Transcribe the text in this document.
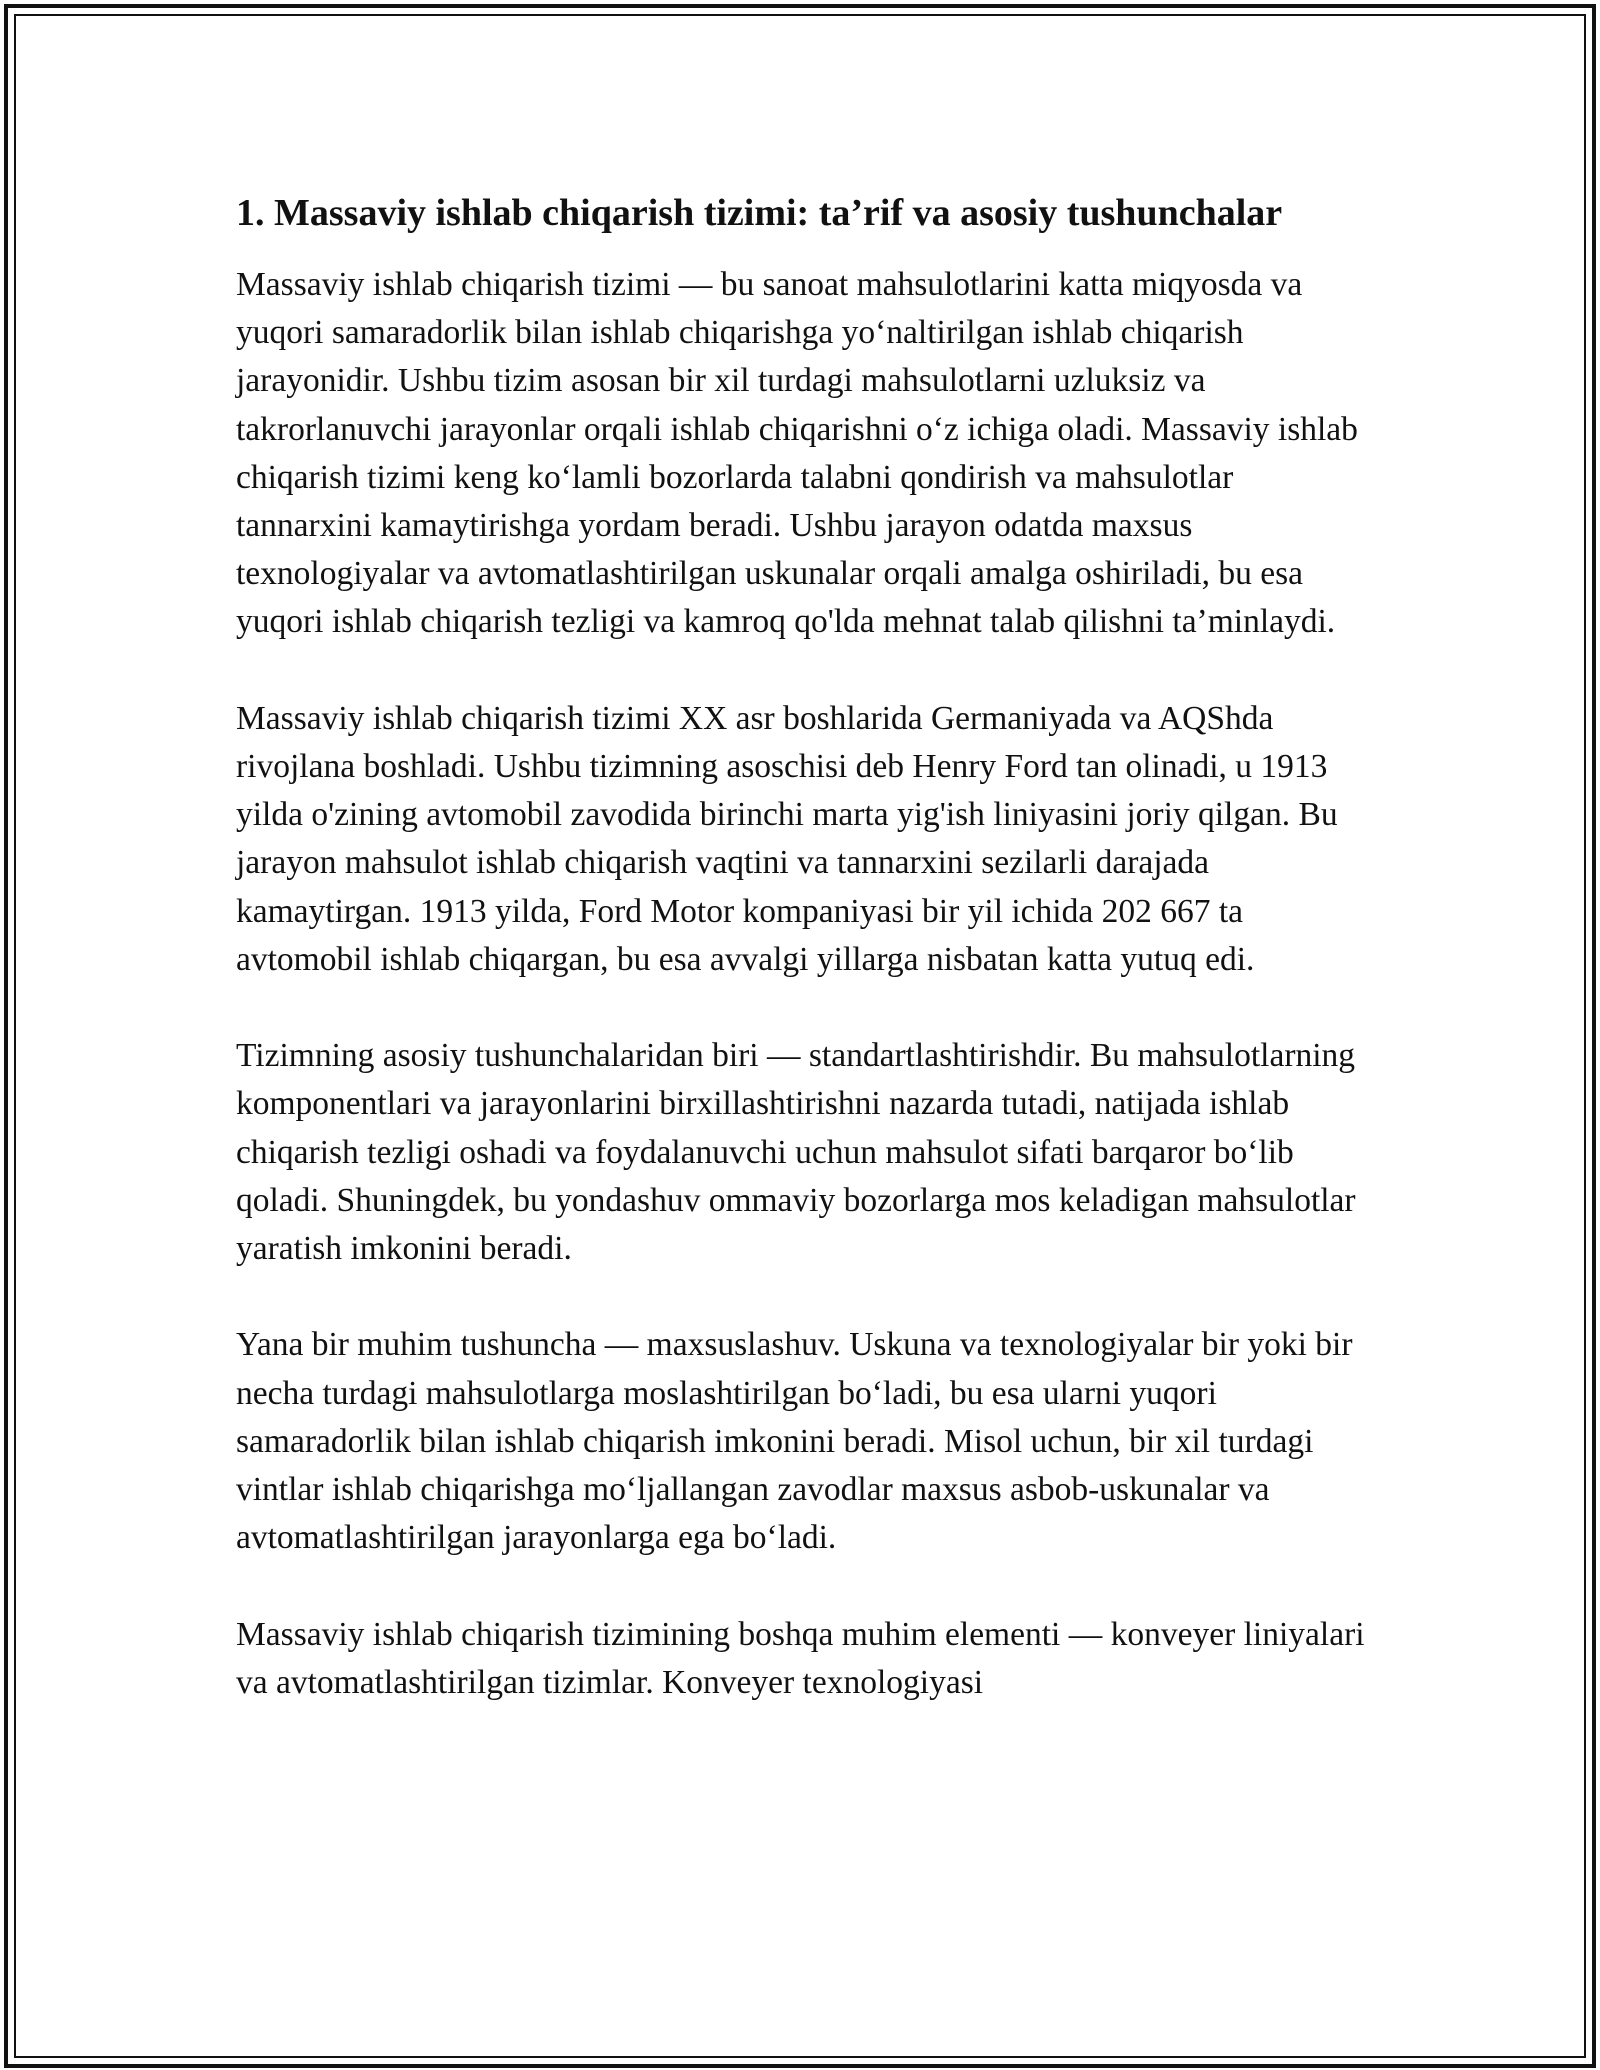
1. Massaviy ishlab chiqarish tizimi: ta’rif va asosiy tushunchalar

Massaviy ishlab chiqarish tizimi — bu sanoat mahsulotlarini katta miqyosda va yuqori samaradorlik bilan ishlab chiqarishga yo‘naltirilgan ishlab chiqarish jarayonidir. Ushbu tizim asosan bir xil turdagi mahsulotlarni uzluksiz va takrorlanuvchi jarayonlar orqali ishlab chiqarishni o‘z ichiga oladi. Massaviy ishlab chiqarish tizimi keng ko‘lamli bozorlarda talabni qondirish va mahsulotlar tannarxini kamaytirishga yordam beradi. Ushbu jarayon odatda maxsus texnologiyalar va avtomatlashtirilgan uskunalar orqali amalga oshiriladi, bu esa yuqori ishlab chiqarish tezligi va kamroq qo'lda mehnat talab qilishni ta’minlaydi.

Massaviy ishlab chiqarish tizimi XX asr boshlarida Germaniyada va AQShda rivojlana boshladi. Ushbu tizimning asoschisi deb Henry Ford tan olinadi, u 1913 yilda o'zining avtomobil zavodida birinchi marta yig'ish liniyasini joriy qilgan. Bu jarayon mahsulot ishlab chiqarish vaqtini va tannarxini sezilarli darajada kamaytirgan. 1913 yilda, Ford Motor kompaniyasi bir yil ichida 202 667 ta avtomobil ishlab chiqargan, bu esa avvalgi yillarga nisbatan katta yutuq edi.

Tizimning asosiy tushunchalaridan biri — standartlashtirishdir. Bu mahsulotlarning komponentlari va jarayonlarini birxillashtirishni nazarda tutadi, natijada ishlab chiqarish tezligi oshadi va foydalanuvchi uchun mahsulot sifati barqaror bo‘lib qoladi. Shuningdek, bu yondashuv ommaviy bozorlarga mos keladigan mahsulotlar yaratish imkonini beradi.

Yana bir muhim tushuncha — maxsuslashuv. Uskuna va texnologiyalar bir yoki bir necha turdagi mahsulotlarga moslashtirilgan bo‘ladi, bu esa ularni yuqori samaradorlik bilan ishlab chiqarish imkonini beradi. Misol uchun, bir xil turdagi vintlar ishlab chiqarishga mo‘ljallangan zavodlar maxsus asbob-uskunalar va avtomatlashtirilgan jarayonlarga ega bo‘ladi.

Massaviy ishlab chiqarish tizimining boshqa muhim elementi — konveyer liniyalari va avtomatlashtirilgan tizimlar. Konveyer texnologiyasi
